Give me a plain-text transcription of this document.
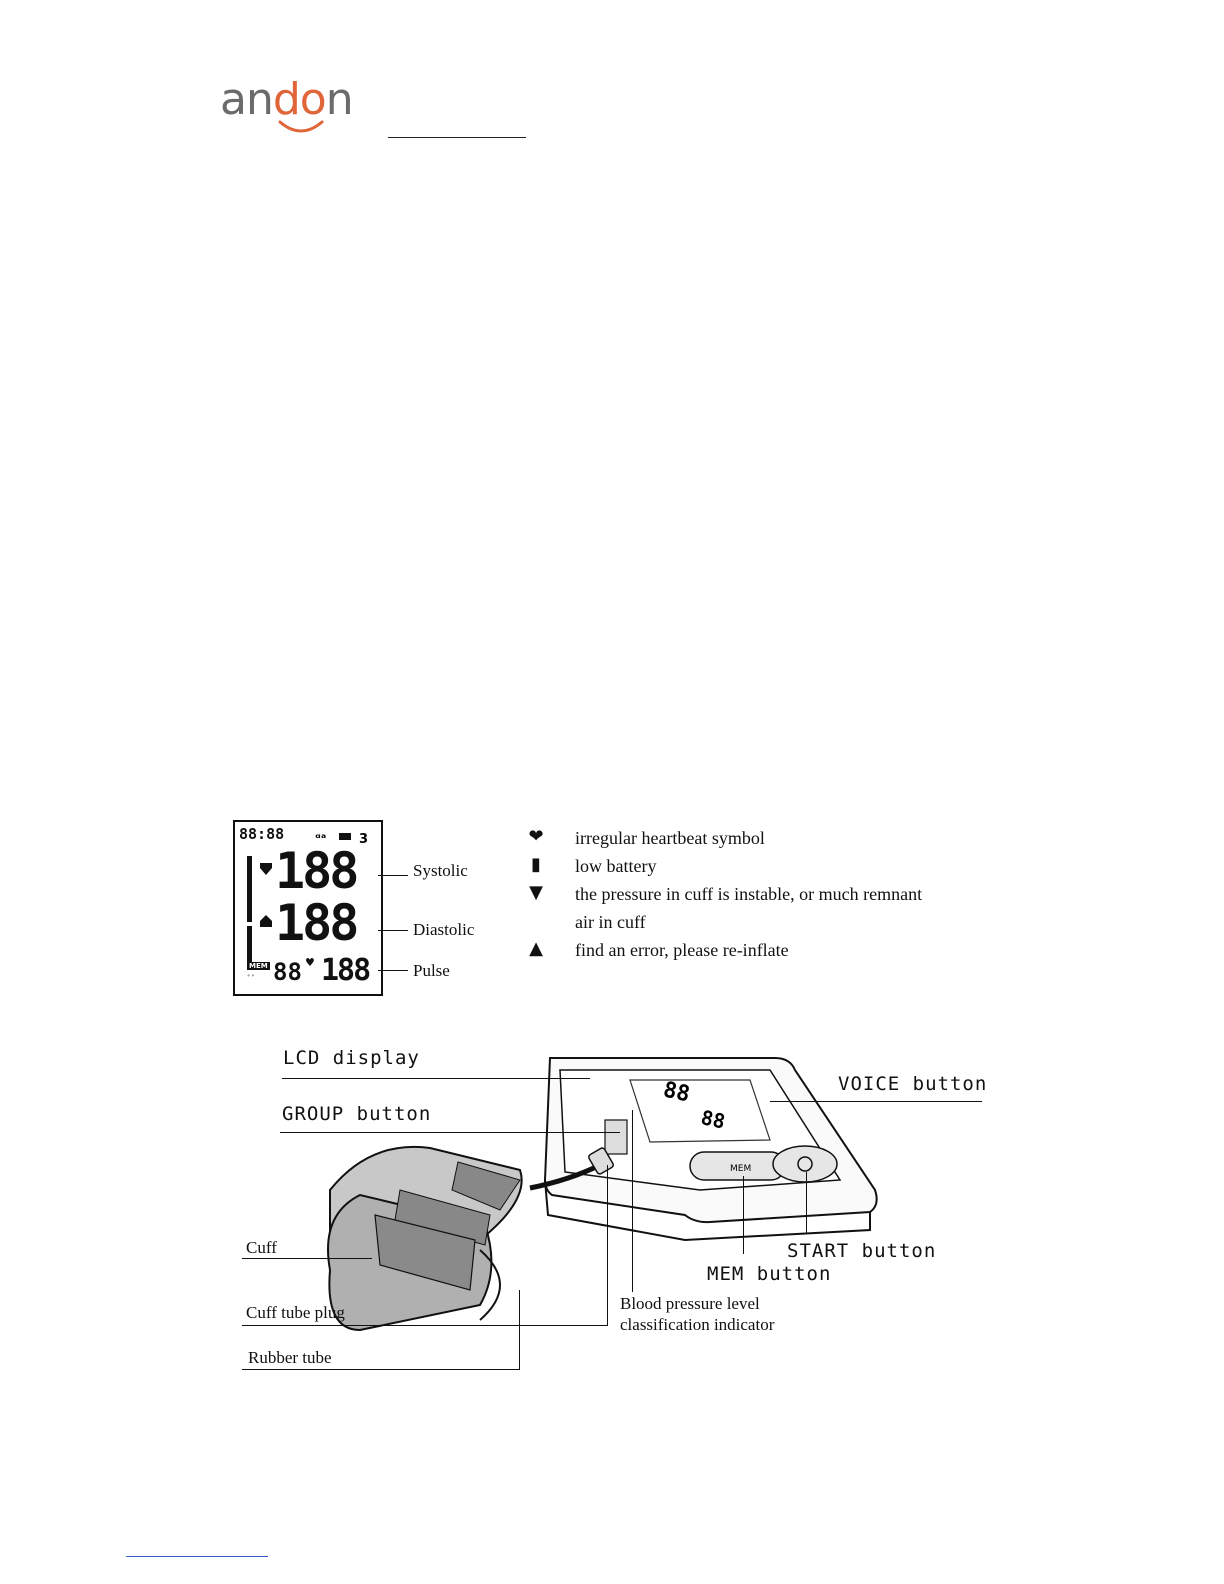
andon
88:88	ᵅᵃ	3
188
188
MEM
ﾞﾞ 88 ♥ 188
Systolic
Diastolic
Pulse
❤	irregular heartbeat symbol
▮	low battery
▼	the pressure in cuff is instable, or much remnant
air in cuff
▲	find an error, please re-inflate
88
88
MEM
LCD display
GROUP button
VOICE button
START button
MEM button
Blood pressure level
classification indicator
Cuff
Cuff tube plug
Rubber tube
